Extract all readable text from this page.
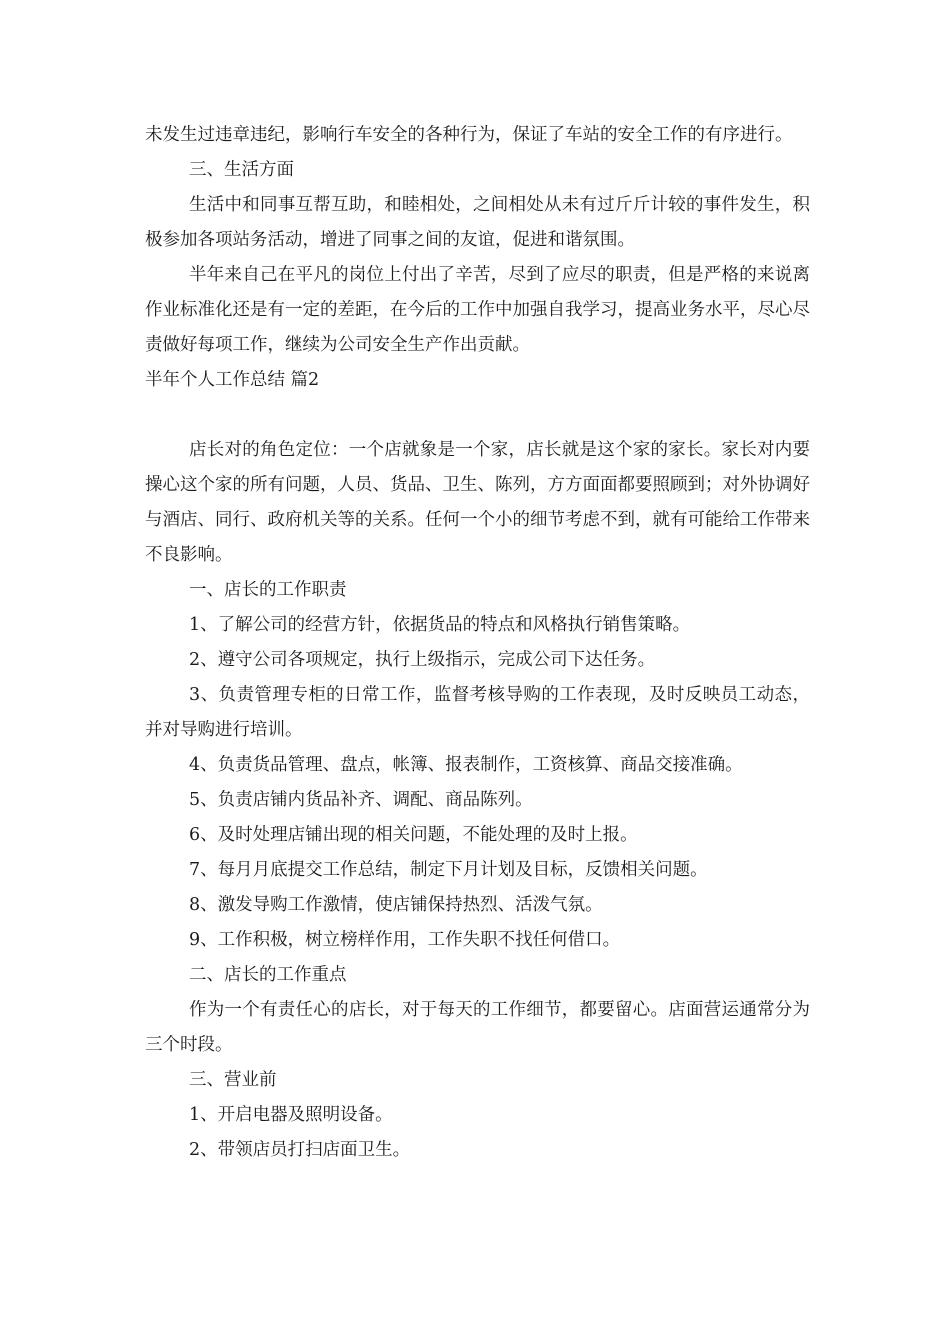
未发生过违章违纪，影响行车安全的各种行为，保证了车站的安全工作的有序进行。

三、生活方面

生活中和同事互帮互助，和睦相处，之间相处从未有过斤斤计较的事件发生，积极参加各项站务活动，增进了同事之间的友谊，促进和谐氛围。

半年来自己在平凡的岗位上付出了辛苦，尽到了应尽的职责，但是严格的来说离作业标准化还是有一定的差距，在今后的工作中加强自我学习，提高业务水平，尽心尽责做好每项工作，继续为公司安全生产作出贡献。

半年个人工作总结 篇2

店长对的角色定位：一个店就象是一个家，店长就是这个家的家长。家长对内要操心这个家的所有问题，人员、货品、卫生、陈列，方方面面都要照顾到；对外协调好与酒店、同行、政府机关等的关系。任何一个小的细节考虑不到，就有可能给工作带来不良影响。

一、店长的工作职责

1、了解公司的经营方针，依据货品的特点和风格执行销售策略。

2、遵守公司各项规定，执行上级指示，完成公司下达任务。

3、负责管理专柜的日常工作，监督考核导购的工作表现，及时反映员工动态，并对导购进行培训。

4、负责货品管理、盘点，帐簿、报表制作，工资核算、商品交接准确。

5、负责店铺内货品补齐、调配、商品陈列。

6、及时处理店铺出现的相关问题，不能处理的及时上报。

7、每月月底提交工作总结，制定下月计划及目标，反馈相关问题。

8、激发导购工作激情，使店铺保持热烈、活泼气氛。

9、工作积极，树立榜样作用，工作失职不找任何借口。

二、店长的工作重点

作为一个有责任心的店长，对于每天的工作细节，都要留心。店面营运通常分为三个时段。

三、营业前

1、开启电器及照明设备。

2、带领店员打扫店面卫生。
